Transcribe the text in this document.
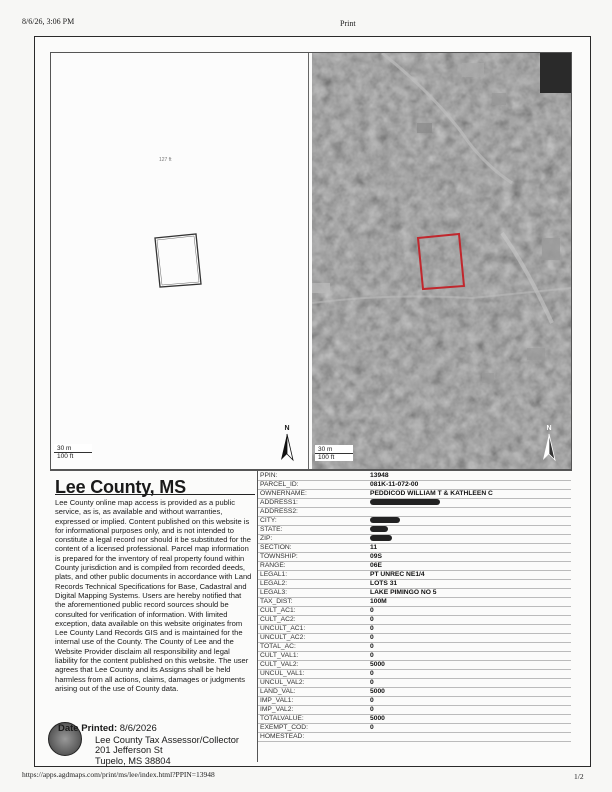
8/6/26, 3:06 PM	Print
127 ft
30 m
100 ft
N
30 m
100 ft
N
Lee County, MS
Lee County online map access is provided as a public service, as is, as available and without warranties, expressed or implied. Content published on this website is for informational purposes only, and is not intended to constitute a legal record nor should it be substituted for the content of a licensed professional. Parcel map information is prepared for the inventory of real property found within County jurisdiction and is compiled from recorded deeds, plats, and other public documents in accordance with Land Records Technical Specifications for Base, Cadastral and Digital Mapping Systems. Users are hereby notified that the aforementioned public record sources should be consulted for verification of information. With limited exception, data available on this website originates from Lee County Land Records GIS and is maintained for the internal use of the County. The County of Lee and the Website Provider disclaim all responsibility and legal liability for the content published on this website. The user agrees that Lee County and its Assigns shall be held harmless from all actions, claims, damages or judgments arising out of the use of County data.
Date Printed: 8/6/2026
Lee County Tax Assessor/Collector
201 Jefferson St
Tupelo, MS 38804
PPIN:	13948
PARCEL_ID:	081K-11-072-00
OWNERNAME:	PEDDICOD WILLIAM T & KATHLEEN C
ADDRESS1:	
ADDRESS2:	
CITY:	
STATE:	
ZIP:	
SECTION:	11
TOWNSHIP:	09S
RANGE:	06E
LEGAL1:	PT UNREC NE1/4
LEGAL2:	LOTS 31
LEGAL3:	LAKE PIMINGO NO 5
TAX_DIST:	100M
CULT_AC1:	0
CULT_AC2:	0
UNCULT_AC1:	0
UNCULT_AC2:	0
TOTAL_AC:	0
CULT_VAL1:	0
CULT_VAL2:	5000
UNCUL_VAL1:	0
UNCUL_VAL2:	0
LAND_VAL:	5000
IMP_VAL1:	0
IMP_VAL2:	0
TOTALVALUE:	5000
EXEMPT_COD:	0
HOMESTEAD:	
https://apps.agdmaps.com/print/ms/lee/index.html?PPIN=13948	1/2
